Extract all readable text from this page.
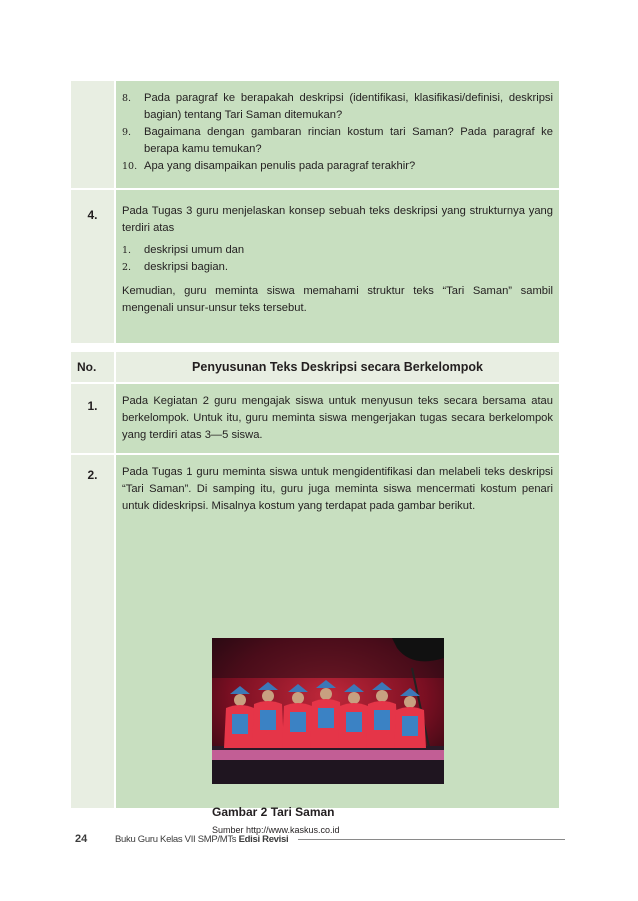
8. Pada paragraf ke berapakah deskripsi (identifikasi, klasifikasi/definisi, deskripsi bagian) tentang Tari Saman ditemukan?
9. Bagaimana dengan gambaran rincian kostum tari Saman? Pada paragraf ke berapa kamu temukan?
10. Apa yang disampaikan penulis pada paragraf terakhir?
4.	Pada Tugas 3 guru menjelaskan konsep sebuah teks deskripsi yang strukturnya yang terdiri atas

1. deskripsi umum dan
2. deskripsi bagian.

Kemudian, guru meminta siswa memahami struktur teks “Tari Saman” sambil mengenali unsur-unsur teks tersebut.

No.	Penyusunan Teks Deskripsi secara Berkelompok
1.	Pada Kegiatan 2 guru mengajak siswa untuk menyusun teks secara bersama atau berkelompok. Untuk itu, guru meminta siswa mengerjakan tugas secara berkelompok yang terdiri atas 3—5 siswa.

2.	Pada Tugas 1 guru meminta siswa untuk mengidentifikasi dan melabeli teks deskripsi “Tari Saman”. Di samping itu, guru juga meminta siswa mencermati kostum penari untuk dideskripsi. Misalnya kostum yang terdapat pada gambar berikut.

Gambar 2 Tari Saman
Sumber http://www.kaskus.co.id
24	Buku Guru Kelas VII SMP/MTs Edisi Revisi
